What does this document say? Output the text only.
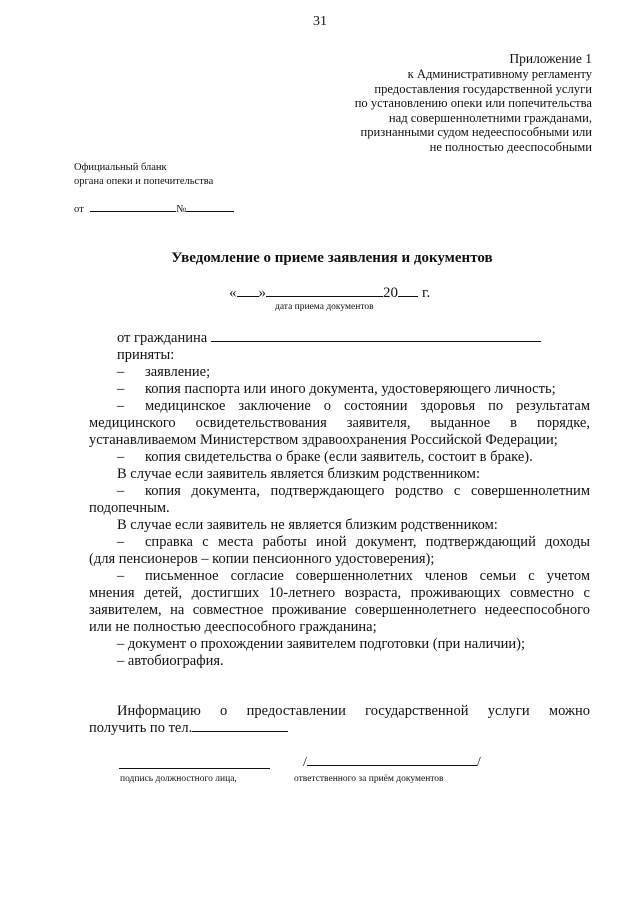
31
Приложение 1
к Административному регламенту
предоставления государственной услуги
по установлению опеки или попечительства
над совершеннолетними гражданами,
признанными судом недееспособными или
не полностью дееспособными
Официальный бланк
органа опеки и попечительства
от	№
Уведомление о приеме заявления и документов
« »	20 г.
дата приема документов

от гражданина

приняты:

–	заявление;

–	копия паспорта или иного документа, удостоверяющего личность;

–	медицинское заключение о состоянии здоровья по результатам

медицинского освидетельствования заявителя, выданное в порядке,

устанавливаемом Министерством здравоохранения Российской Федерации;

–	копия свидетельства о браке (если заявитель, состоит в браке).

В случае если заявитель является близким родственником:

–	копия документа, подтверждающего родство с совершеннолетним

подопечным.

В случае если заявитель не является близким родственником:

–	справка с места работы иной документ, подтверждающий доходы

(для пенсионеров – копии пенсионного удостоверения);

–	письменное согласие совершеннолетних членов семьи с учетом

мнения детей, достигших 10-летнего возраста, проживающих совместно с

заявителем, на совместное проживание совершеннолетнего недееспособного

или не полностью дееспособного гражданина;

– документ о прохождении заявителем подготовки (при наличии);

– автобиография.

Информацию о предоставлении государственной услуги можно

получить по тел.

/	/
подпись должностного лица,	ответственного за приём документов
